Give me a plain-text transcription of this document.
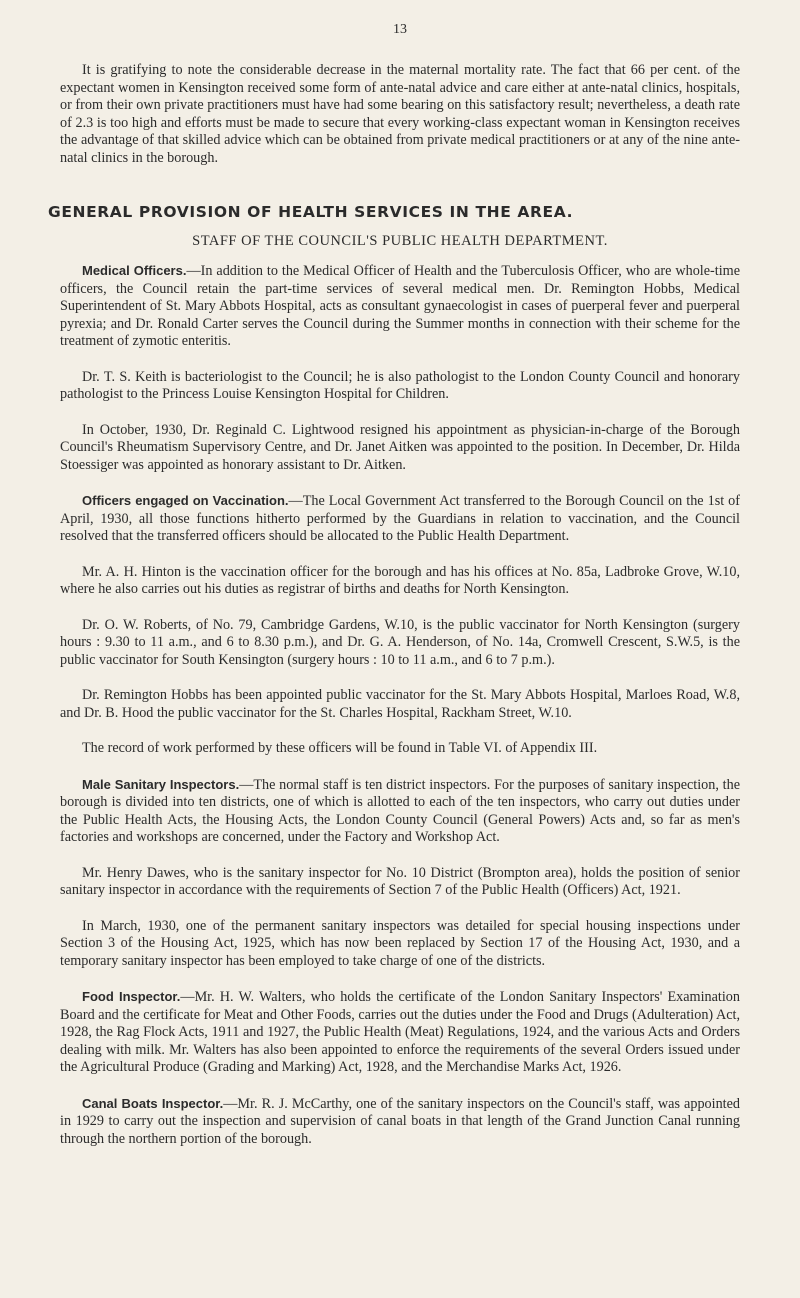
13

It is gratifying to note the considerable decrease in the maternal mortality rate. The fact that 66 per cent. of the expectant women in Kensington received some form of ante-natal advice and care either at ante-natal clinics, hospitals, or from their own private practitioners must have had some bearing on this satisfactory result; nevertheless, a death rate of 2.3 is too high and efforts must be made to secure that every working-class expectant woman in Kensington receives the advantage of that skilled advice which can be obtained from private medical practitioners or at any of the nine ante-natal clinics in the borough.

GENERAL PROVISION OF HEALTH SERVICES IN THE AREA.
STAFF OF THE COUNCIL'S PUBLIC HEALTH DEPARTMENT.

Medical Officers.—In addition to the Medical Officer of Health and the Tuberculosis Officer, who are whole-time officers, the Council retain the part-time services of several medical men. Dr. Remington Hobbs, Medical Superintendent of St. Mary Abbots Hospital, acts as consultant gynaecologist in cases of puerperal fever and puerperal pyrexia; and Dr. Ronald Carter serves the Council during the Summer months in connection with their scheme for the treatment of zymotic enteritis.

Dr. T. S. Keith is bacteriologist to the Council; he is also pathologist to the London County Council and honorary pathologist to the Princess Louise Kensington Hospital for Children.

In October, 1930, Dr. Reginald C. Lightwood resigned his appointment as physician-in-charge of the Borough Council's Rheumatism Supervisory Centre, and Dr. Janet Aitken was appointed to the position. In December, Dr. Hilda Stoessiger was appointed as honorary assistant to Dr. Aitken.

Officers engaged on Vaccination.—The Local Government Act transferred to the Borough Council on the 1st of April, 1930, all those functions hitherto performed by the Guardians in relation to vaccination, and the Council resolved that the transferred officers should be allocated to the Public Health Department.

Mr. A. H. Hinton is the vaccination officer for the borough and has his offices at No. 85a, Ladbroke Grove, W.10, where he also carries out his duties as registrar of births and deaths for North Kensington.

Dr. O. W. Roberts, of No. 79, Cambridge Gardens, W.10, is the public vaccinator for North Kensington (surgery hours : 9.30 to 11 a.m., and 6 to 8.30 p.m.), and Dr. G. A. Henderson, of No. 14a, Cromwell Crescent, S.W.5, is the public vaccinator for South Kensington (surgery hours : 10 to 11 a.m., and 6 to 7 p.m.).

Dr. Remington Hobbs has been appointed public vaccinator for the St. Mary Abbots Hospital, Marloes Road, W.8, and Dr. B. Hood the public vaccinator for the St. Charles Hospital, Rackham Street, W.10.

The record of work performed by these officers will be found in Table VI. of Appendix III.

Male Sanitary Inspectors.—The normal staff is ten district inspectors. For the purposes of sanitary inspection, the borough is divided into ten districts, one of which is allotted to each of the ten inspectors, who carry out duties under the Public Health Acts, the Housing Acts, the London County Council (General Powers) Acts and, so far as men's factories and workshops are concerned, under the Factory and Workshop Act.

Mr. Henry Dawes, who is the sanitary inspector for No. 10 District (Brompton area), holds the position of senior sanitary inspector in accordance with the requirements of Section 7 of the Public Health (Officers) Act, 1921.

In March, 1930, one of the permanent sanitary inspectors was detailed for special housing inspections under Section 3 of the Housing Act, 1925, which has now been replaced by Section 17 of the Housing Act, 1930, and a temporary sanitary inspector has been employed to take charge of one of the districts.

Food Inspector.—Mr. H. W. Walters, who holds the certificate of the London Sanitary Inspectors' Examination Board and the certificate for Meat and Other Foods, carries out the duties under the Food and Drugs (Adulteration) Act, 1928, the Rag Flock Acts, 1911 and 1927, the Public Health (Meat) Regulations, 1924, and the various Acts and Orders dealing with milk. Mr. Walters has also been appointed to enforce the requirements of the several Orders issued under the Agricultural Produce (Grading and Marking) Act, 1928, and the Merchandise Marks Act, 1926.

Canal Boats Inspector.—Mr. R. J. McCarthy, one of the sanitary inspectors on the Council's staff, was appointed in 1929 to carry out the inspection and supervision of canal boats in that length of the Grand Junction Canal running through the northern portion of the borough.
